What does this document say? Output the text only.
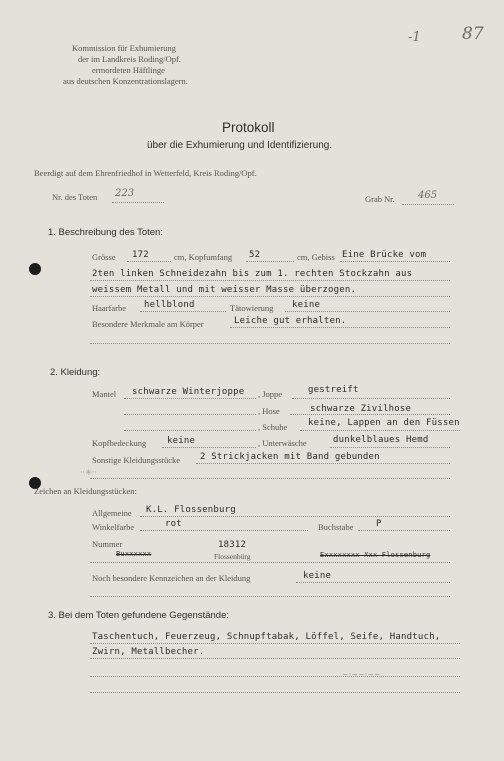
-1 87
Kommission für Exhumierung
der im Landkreis Roding/Opf.
ermordeten Häftlinge
aus deutschen Konzentrationslagern.
Protokoll
über die Exhumierung und Identifizierung.
Beerdigt auf dem Ehrenfriedhof in Wetterfeld, Kreis Roding/Opf.
Nr. des Toten 223	Grab Nr. 465
1. Beschreibung des Toten:
Grösse 172	cm, Kopfumfang 52	cm, Gebiss Eine Brücke vom
2ten linken Schneidezahn bis zum 1. rechten Stockzahn aus
weissem Metall und mit weisser Masse überzogen.
Haarfarbe hellblond	Tätowierung keine
Besondere Merkmale am Körper	Leiche gut erhalten.
2. Kleidung:
Mantel schwarze Winterjoppe , Joppe	gestreift
, Hose	schwarze Zivilhose
, Schuhe keine, Lappen an den Füssen
Kopfbedeckung keine	, Unterwäsche	dunkelblaues Hemd
Sonstige Kleidungsstücke 2 Strickjacken mit Band gebunden
··✳··
Zeichen an Kleidungsstücken:
Allgemeine K.L. Flossenburg
Winkelfarbe	rot	Buchstabe	P
Nummer	18312
Buxxxxxx	Flossenbürg	Exxxxxxxx Xxx Flossenburg
Noch besondere Kennzeichen an der Kleidung	keine
3. Bei dem Toten gefundene Gegenstände:
Taschentuch, Feuerzeug, Schnupftabak, Löffel, Seife, Handtuch,
Zwirn, Metallbecher.
~·~~·~~
